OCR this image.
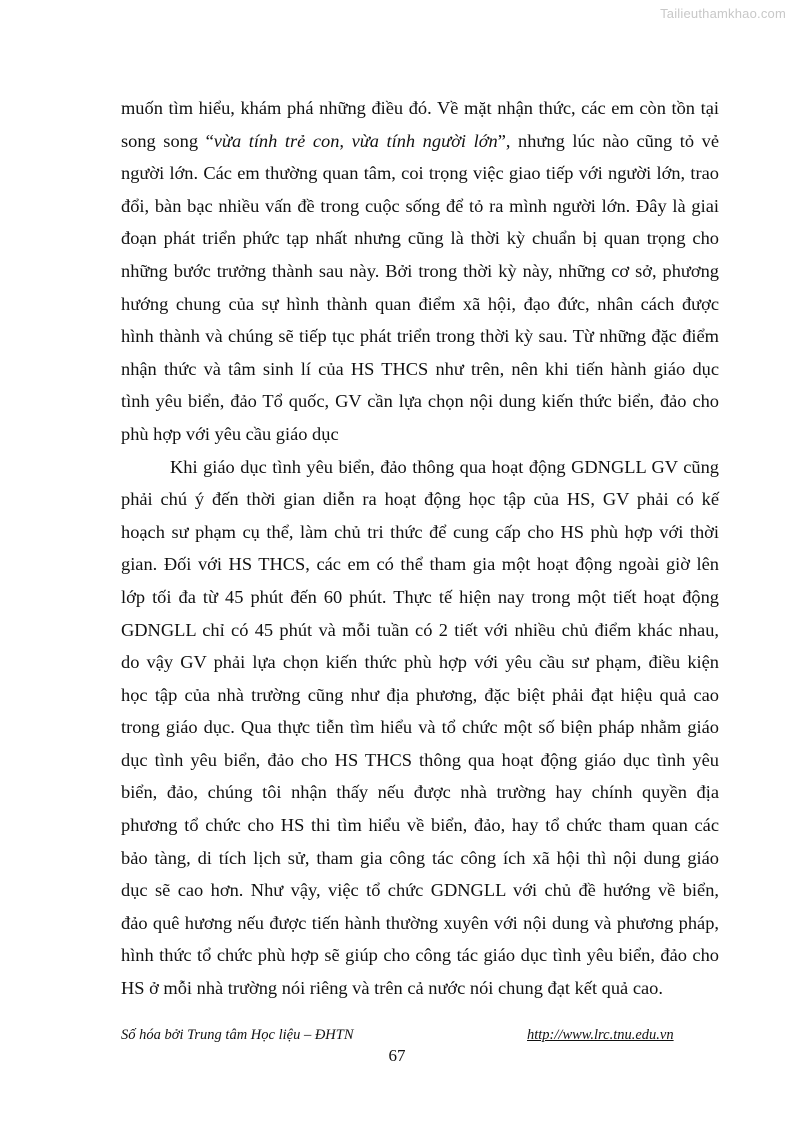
Tailieuthamkhao.com
muốn tìm hiểu, khám phá những điều đó. Về mặt nhận thức, các em còn tồn tại
song song “vừa tính trẻ con, vừa tính người lớn”, nhưng lúc nào cũng tỏ vẻ
người lớn. Các em thường quan tâm, coi trọng việc giao tiếp với người lớn, trao
đổi, bàn bạc nhiều vấn đề trong cuộc sống để tỏ ra mình người lớn. Đây là giai
đoạn phát triển phức tạp nhất nhưng cũng là thời kỳ chuẩn bị quan trọng cho
những bước trưởng thành sau này. Bởi trong thời kỳ này, những cơ sở, phương
hướng chung của sự hình thành quan điểm xã hội, đạo đức, nhân cách được
hình thành và chúng sẽ tiếp tục phát triển trong thời kỳ sau. Từ những đặc điểm
nhận thức và tâm sinh lí của HS THCS như trên, nên khi tiến hành giáo dục
tình yêu biển, đảo Tổ quốc, GV cần lựa chọn nội dung kiến thức biển, đảo cho
phù hợp với yêu cầu giáo dục
Khi giáo dục tình yêu biển, đảo thông qua hoạt động GDNGLL GV cũng
phải chú ý đến thời gian diễn ra hoạt động học tập của HS, GV phải có kế
hoạch sư phạm cụ thể, làm chủ tri thức để cung cấp cho HS phù hợp với thời
gian. Đối với HS THCS, các em có thể tham gia một hoạt động ngoài giờ lên
lớp tối đa từ 45 phút đến 60 phút. Thực tế hiện nay trong một tiết hoạt động
GDNGLL chỉ có 45 phút và mỗi tuần có 2 tiết với nhiều chủ điểm khác nhau,
do vậy GV phải lựa chọn kiến thức phù hợp với yêu cầu sư phạm, điều kiện
học tập của nhà trường cũng như địa phương, đặc biệt phải đạt hiệu quả cao
trong giáo dục. Qua thực tiễn tìm hiểu và tổ chức một số biện pháp nhằm giáo
dục tình yêu biển, đảo cho HS THCS thông qua hoạt động giáo dục tình yêu
biển, đảo, chúng tôi nhận thấy nếu được nhà trường hay chính quyền địa
phương tổ chức cho HS thi tìm hiểu về biển, đảo, hay tổ chức tham quan các
bảo tàng, di tích lịch sử, tham gia công tác công ích xã hội thì nội dung giáo
dục sẽ cao hơn. Như vậy, việc tổ chức GDNGLL với chủ đề hướng về biển,
đảo quê hương nếu được tiến hành thường xuyên với nội dung và phương pháp,
hình thức tổ chức phù hợp sẽ giúp cho công tác giáo dục tình yêu biển, đảo cho
HS ở mỗi nhà trường nói riêng và trên cả nước nói chung đạt kết quả cao.
Số hóa bởi Trung tâm Học liệu – ĐHTN	http://www.lrc.tnu.edu.vn
67
